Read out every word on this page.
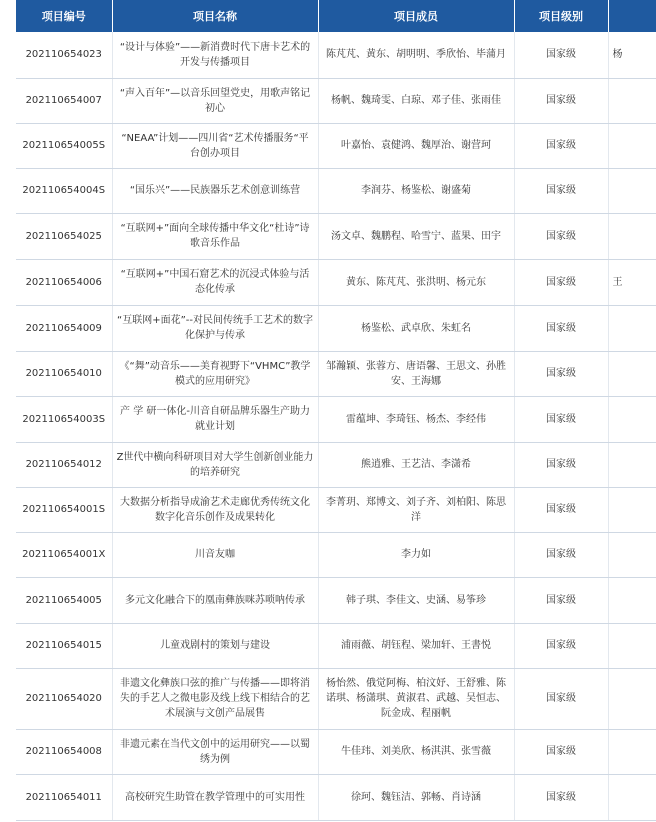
项目编号	项目名称	项目成员	项目级别	
202110654023	“设计与体验”——新消费时代下唐卡艺术的开发与传播项目	陈芃芃、黄东、胡明明、季欣怡、毕蒲月	国家级	杨
202110654007	“声入百年”—以音乐回望党史，用歌声铭记初心	杨帆、魏琦雯、白琼、邓子佳、张雨佳	国家级	
202110654005S	“NEAA”计划——四川省“艺术传播服务“平台创办项目	叶嘉怡、袁健鸿、魏厚治、谢营珂	国家级	
202110654004S	“国乐兴”——民族器乐艺术创意训练营	李润芬、杨鉴松、谢盛菊	国家级	
202110654025	“互联网+”面向全球传播中华文化“杜诗”诗歌音乐作品	汤文卓、魏鹏程、哈雪宁、蓝果、田宇	国家级	
202110654006	“互联网+”中国石窟艺术的沉浸式体验与活态化传承	黄东、陈芃芃、张洪明、杨元东	国家级	王
202110654009	“互联网+面花”--对民间传统手工艺术的数字化保护与传承	杨鉴松、武卓欣、朱虹名	国家级	
202110654010	《“舞”动音乐——美育视野下“VHMC”教学模式的应用研究》	邹瀚颖、张蓉方、唐语馨、王思文、孙胜安、王海娜	国家级	
202110654003S	产 学 研一体化-川音自研品牌乐器生产助力就业计划	雷蕴坤、李琦钰、杨杰、李经伟	国家级	
202110654012	Z世代中横向科研项目对大学生创新创业能力的培养研究	熊逍雅、王艺洁、李潇希	国家级	
202110654001S	大数据分析指导成渝艺术走廊优秀传统文化数字化音乐创作及成果转化	李菁玥、郑博文、刘子齐、刘柏阳、陈思洋	国家级	
202110654001X	川音友咖	李力如	国家级	
202110654005	多元文化融合下的凰南彝族咪苏唢呐传承	韩子琪、李佳文、史涵、易筝珍	国家级	
202110654015	儿童戏剧村的策划与建设	浦雨薇、胡钰程、梁加轩、王書悦	国家级	
202110654020	非遗文化彝族口弦的推广与传播——即将消失的手艺人之微电影及线上线下相结合的艺术展演与文创产品展售	杨怡然、俄觉阿梅、柏汶妤、王舒雅、陈诺琪、杨潇琪、黄淑君、武越、吴恒志、阮金成、程丽帆	国家级	
202110654008	非遗元素在当代文创中的运用研究——以蜀绣为例	牛佳玮、刘美欣、杨淇淇、张雪薇	国家级	
202110654011	高校研究生助管在教学管理中的可实用性	徐珂、魏钰洁、郭畅、肖诗涵	国家级	
